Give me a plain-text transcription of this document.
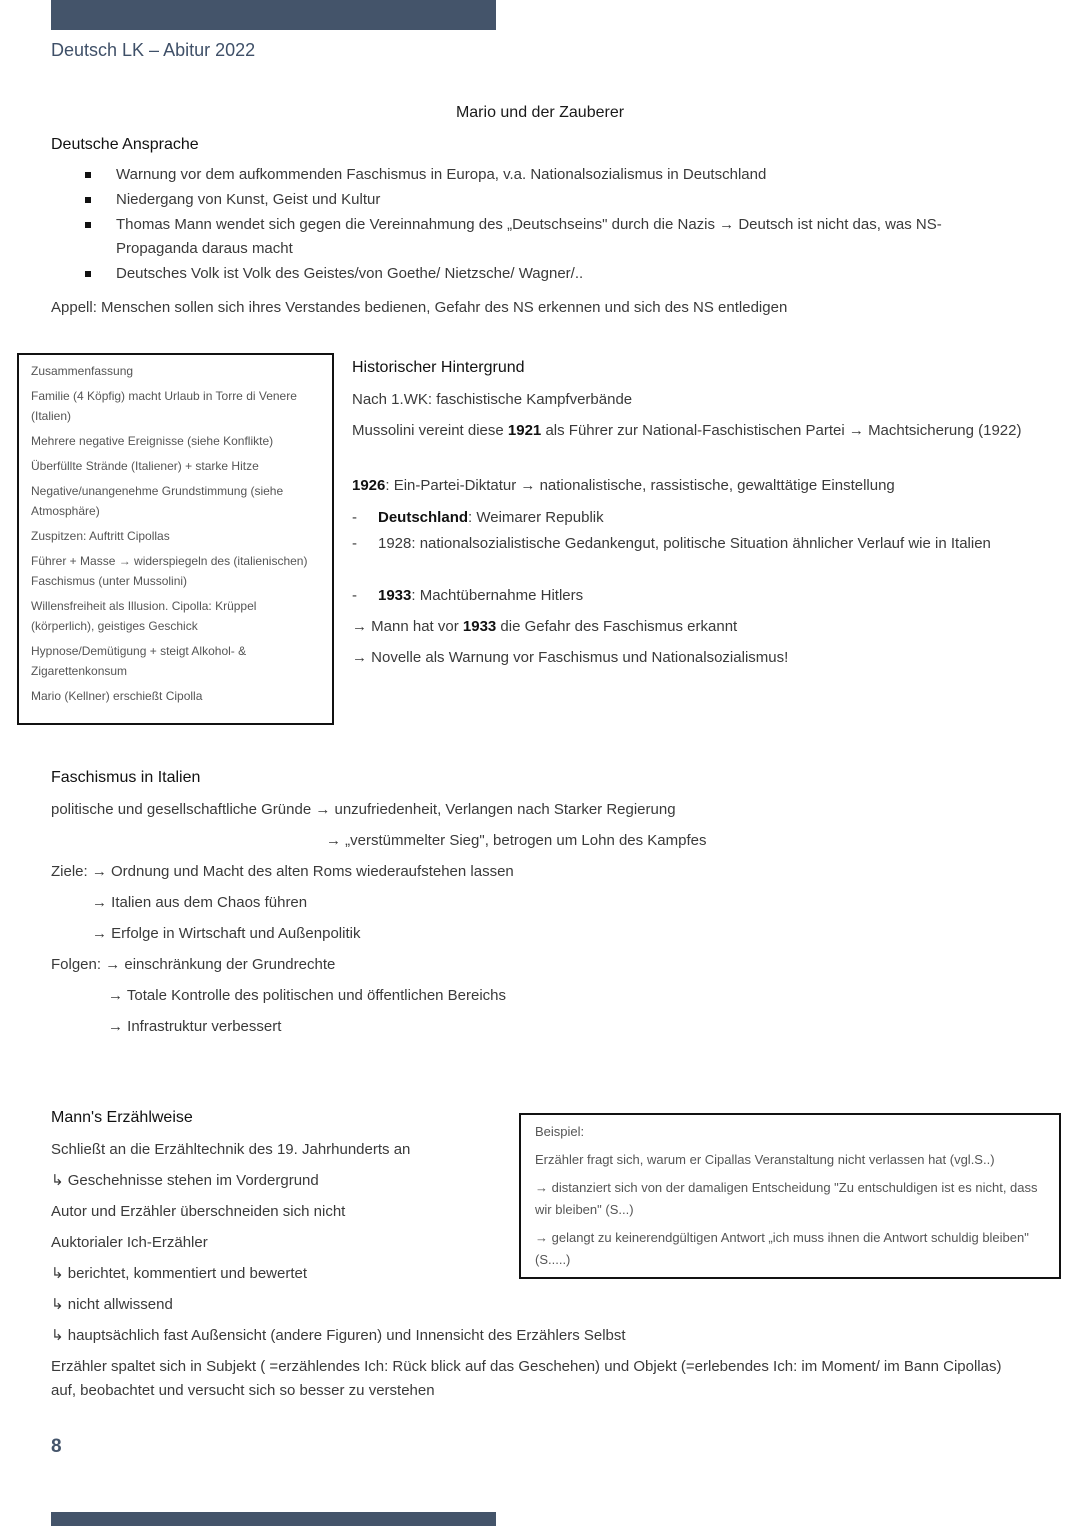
Deutsch LK – Abitur 2022
Mario und der Zauberer
Deutsche Ansprache
Warnung vor dem aufkommenden Faschismus in Europa, v.a. Nationalsozialismus in Deutschland
Niedergang von Kunst, Geist und Kultur
Thomas Mann wendet sich gegen die Vereinnahmung des „Deutschseins" durch die Nazis → Deutsch ist nicht das, was NS-Propaganda daraus macht
Deutsches Volk ist Volk des Geistes/von Goethe/ Nietzsche/ Wagner/..
Appell: Menschen sollen sich ihres Verstandes bedienen, Gefahr des NS erkennen und sich des NS entledigen
Zusammenfassung
Familie (4 Köpfig) macht Urlaub in Torre di Venere (Italien)
Mehrere negative Ereignisse (siehe Konflikte)
Überfüllte Strände (Italiener) + starke Hitze
Negative/unangenehme Grundstimmung (siehe Atmosphäre)
Zuspitzen: Auftritt Cipollas
Führer + Masse → widerspiegeln des (italienischen) Faschismus (unter Mussolini)
Willensfreiheit als Illusion. Cipolla: Krüppel (körperlich), geistiges Geschick
Hypnose/Demütigung + steigt Alkohol- & Zigarettenkonsum
Mario (Kellner) erschießt Cipolla
Historischer Hintergrund
Nach 1.WK: faschistische Kampfverbände
Mussolini vereint diese 1921 als Führer zur National-Faschistischen Partei → Machtsicherung (1922)
1926: Ein-Partei-Diktatur → nationalistische, rassistische, gewalttätige Einstellung
- Deutschland: Weimarer Republik
- 1928: nationalsozialistische Gedankengut, politische Situation ähnlicher Verlauf wie in Italien
- 1933: Machtübernahme Hitlers
→ Mann hat vor 1933 die Gefahr des Faschismus erkannt
→ Novelle als Warnung vor Faschismus und Nationalsozialismus!
Faschismus in Italien
politische und gesellschaftliche Gründe → unzufriedenheit, Verlangen nach Starker Regierung
→ „verstümmelter Sieg", betrogen um Lohn des Kampfes
Ziele: → Ordnung und Macht des alten Roms wiederaufstehen lassen
→ Italien aus dem Chaos führen
→ Erfolge in Wirtschaft und Außenpolitik
Folgen: → einschränkung der Grundrechte
→ Totale Kontrolle des politischen und öffentlichen Bereichs
→ Infrastruktur verbessert
Mann's Erzählweise
Schließt an die Erzähltechnik des 19. Jahrhunderts an
↳ Geschehnisse stehen im Vordergrund
Autor und Erzähler überschneiden sich nicht
Auktorialer Ich-Erzähler
↳ berichtet, kommentiert und bewertet
↳ nicht allwissend
↳ hauptsächlich fast Außensicht (andere Figuren) und Innensicht des Erzählers Selbst
Erzähler spaltet sich in Subjekt ( =erzählendes Ich: Rück blick auf das Geschehen) und Objekt (=erlebendes Ich: im Moment/ im Bann Cipollas) auf, beobachtet und versucht sich so besser zu verstehen
Beispiel:
Erzähler fragt sich, warum er Cipallas Veranstaltung nicht verlassen hat (vgl.S..)
→ distanziert sich von der damaligen Entscheidung "Zu entschuldigen ist es nicht, dass wir bleiben" (S...)
→ gelangt zu keinerendgültigen Antwort „ich muss ihnen die Antwort schuldig bleiben" (S.....)
8
